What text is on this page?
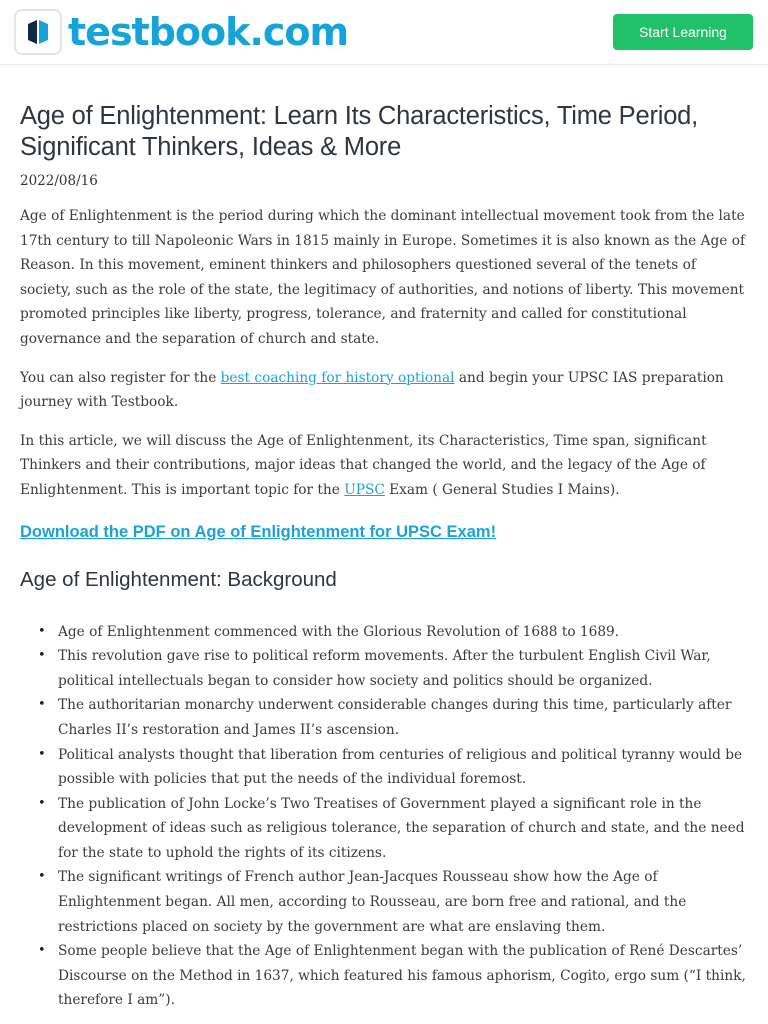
testbook.com	Start Learning
Age of Enlightenment: Learn Its Characteristics, Time Period, Significant Thinkers, Ideas & More
2022/08/16

Age of Enlightenment is the period during which the dominant intellectual movement took from the late 17th century to till Napoleonic Wars in 1815 mainly in Europe. Sometimes it is also known as the Age of Reason. In this movement, eminent thinkers and philosophers questioned several of the tenets of society, such as the role of the state, the legitimacy of authorities, and notions of liberty. This movement promoted principles like liberty, progress, tolerance, and fraternity and called for constitutional governance and the separation of church and state.

You can also register for the best coaching for history optional and begin your UPSC IAS preparation journey with Testbook.

In this article, we will discuss the Age of Enlightenment, its Characteristics, Time span, significant Thinkers and their contributions, major ideas that changed the world, and the legacy of the Age of Enlightenment. This is important topic for the UPSC Exam ( General Studies I Mains).

Download the PDF on Age of Enlightenment for UPSC Exam!
Age of Enlightenment: Background
• Age of Enlightenment commenced with the Glorious Revolution of 1688 to 1689.
• This revolution gave rise to political reform movements. After the turbulent English Civil War, political intellectuals began to consider how society and politics should be organized.
• The authoritarian monarchy underwent considerable changes during this time, particularly after Charles II’s restoration and James II’s ascension.
• Political analysts thought that liberation from centuries of religious and political tyranny would be possible with policies that put the needs of the individual foremost.
• The publication of John Locke’s Two Treatises of Government played a significant role in the development of ideas such as religious tolerance, the separation of church and state, and the need for the state to uphold the rights of its citizens.
• The significant writings of French author Jean-Jacques Rousseau show how the Age of Enlightenment began. All men, according to Rousseau, are born free and rational, and the restrictions placed on society by the government are what are enslaving them.
• Some people believe that the Age of Enlightenment began with the publication of René Descartes’ Discourse on the Method in 1637, which featured his famous aphorism, Cogito, ergo sum (“I think, therefore I am”).
